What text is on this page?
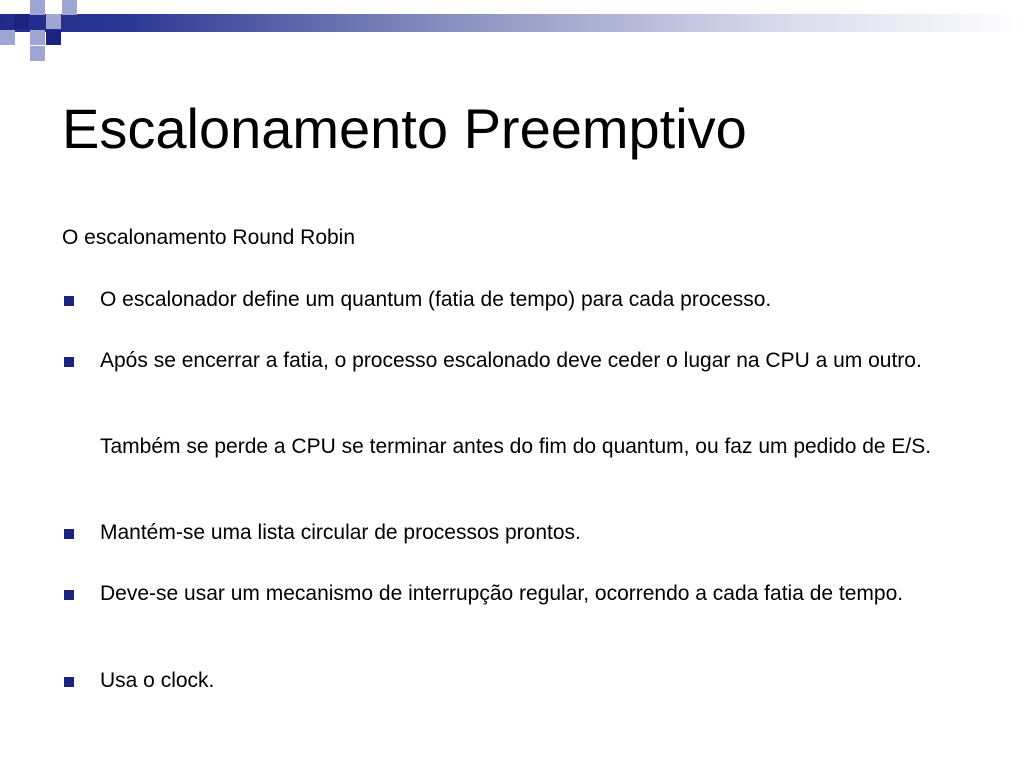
Escalonamento Preemptivo
O escalonamento Round Robin
O escalonador define um quantum (fatia de tempo) para cada processo.
Após se encerrar a fatia, o processo escalonado deve ceder o lugar na CPU a um outro.
Também se perde a CPU se terminar antes do fim do quantum, ou faz um pedido de E/S.
Mantém-se uma lista circular de processos prontos.
Deve-se usar um mecanismo de interrupção regular, ocorrendo a cada fatia de tempo.
Usa o clock.
